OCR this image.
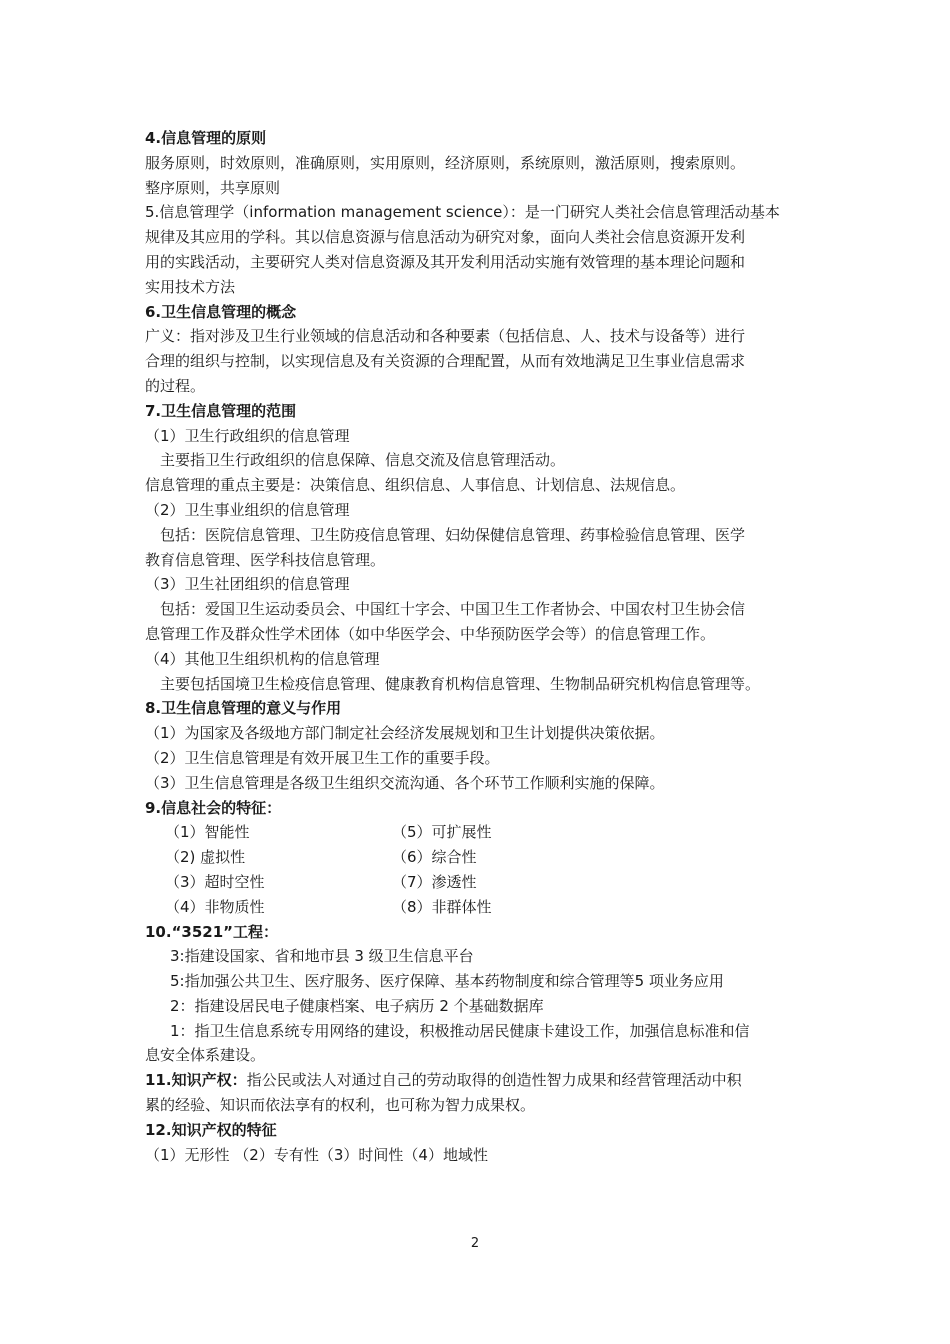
4.信息管理的原则

服务原则，时效原则，准确原则，实用原则，经济原则，系统原则，激活原则，搜索原则。

整序原则，共享原则

5.信息管理学（information management science）：是一门研究人类社会信息管理活动基本

规律及其应用的学科。其以信息资源与信息活动为研究对象，面向人类社会信息资源开发利

用的实践活动，主要研究人类对信息资源及其开发利用活动实施有效管理的基本理论问题和

实用技术方法

6.卫生信息管理的概念

广义：指对涉及卫生行业领域的信息活动和各种要素（包括信息、人、技术与设备等）进行

合理的组织与控制，以实现信息及有关资源的合理配置，从而有效地满足卫生事业信息需求

的过程。

7.卫生信息管理的范围

（1）卫生行政组织的信息管理

主要指卫生行政组织的信息保障、信息交流及信息管理活动。

信息管理的重点主要是：决策信息、组织信息、人事信息、计划信息、法规信息。

（2）卫生事业组织的信息管理

包括：医院信息管理、卫生防疫信息管理、妇幼保健信息管理、药事检验信息管理、医学

教育信息管理、医学科技信息管理。

（3）卫生社团组织的信息管理

包括：爱国卫生运动委员会、中国红十字会、中国卫生工作者协会、中国农村卫生协会信

息管理工作及群众性学术团体（如中华医学会、中华预防医学会等）的信息管理工作。

（4）其他卫生组织机构的信息管理

主要包括国境卫生检疫信息管理、健康教育机构信息管理、生物制品研究机构信息管理等。

8.卫生信息管理的意义与作用

（1）为国家及各级地方部门制定社会经济发展规划和卫生计划提供决策依据。

（2）卫生信息管理是有效开展卫生工作的重要手段。

（3）卫生信息管理是各级卫生组织交流沟通、各个环节工作顺利实施的保障。

9.信息社会的特征：

（1）智能性	（5）可扩展性
（2) 虚拟性	（6）综合性
（3）超时空性	（7）渗透性
（4）非物质性	（8）非群体性

10.“3521”工程：

3:指建设国家、省和地市县 3 级卫生信息平台

5:指加强公共卫生、医疗服务、医疗保障、基本药物制度和综合管理等5 项业务应用

2：指建设居民电子健康档案、电子病历 2 个基础数据库

1：指卫生信息系统专用网络的建设，积极推动居民健康卡建设工作，加强信息标准和信

息安全体系建设。

11.知识产权：指公民或法人对通过自己的劳动取得的创造性智力成果和经营管理活动中积

累的经验、知识而依法享有的权利，也可称为智力成果权。

12.知识产权的特征

（1）无形性 （2）专有性（3）时间性（4）地域性

2
